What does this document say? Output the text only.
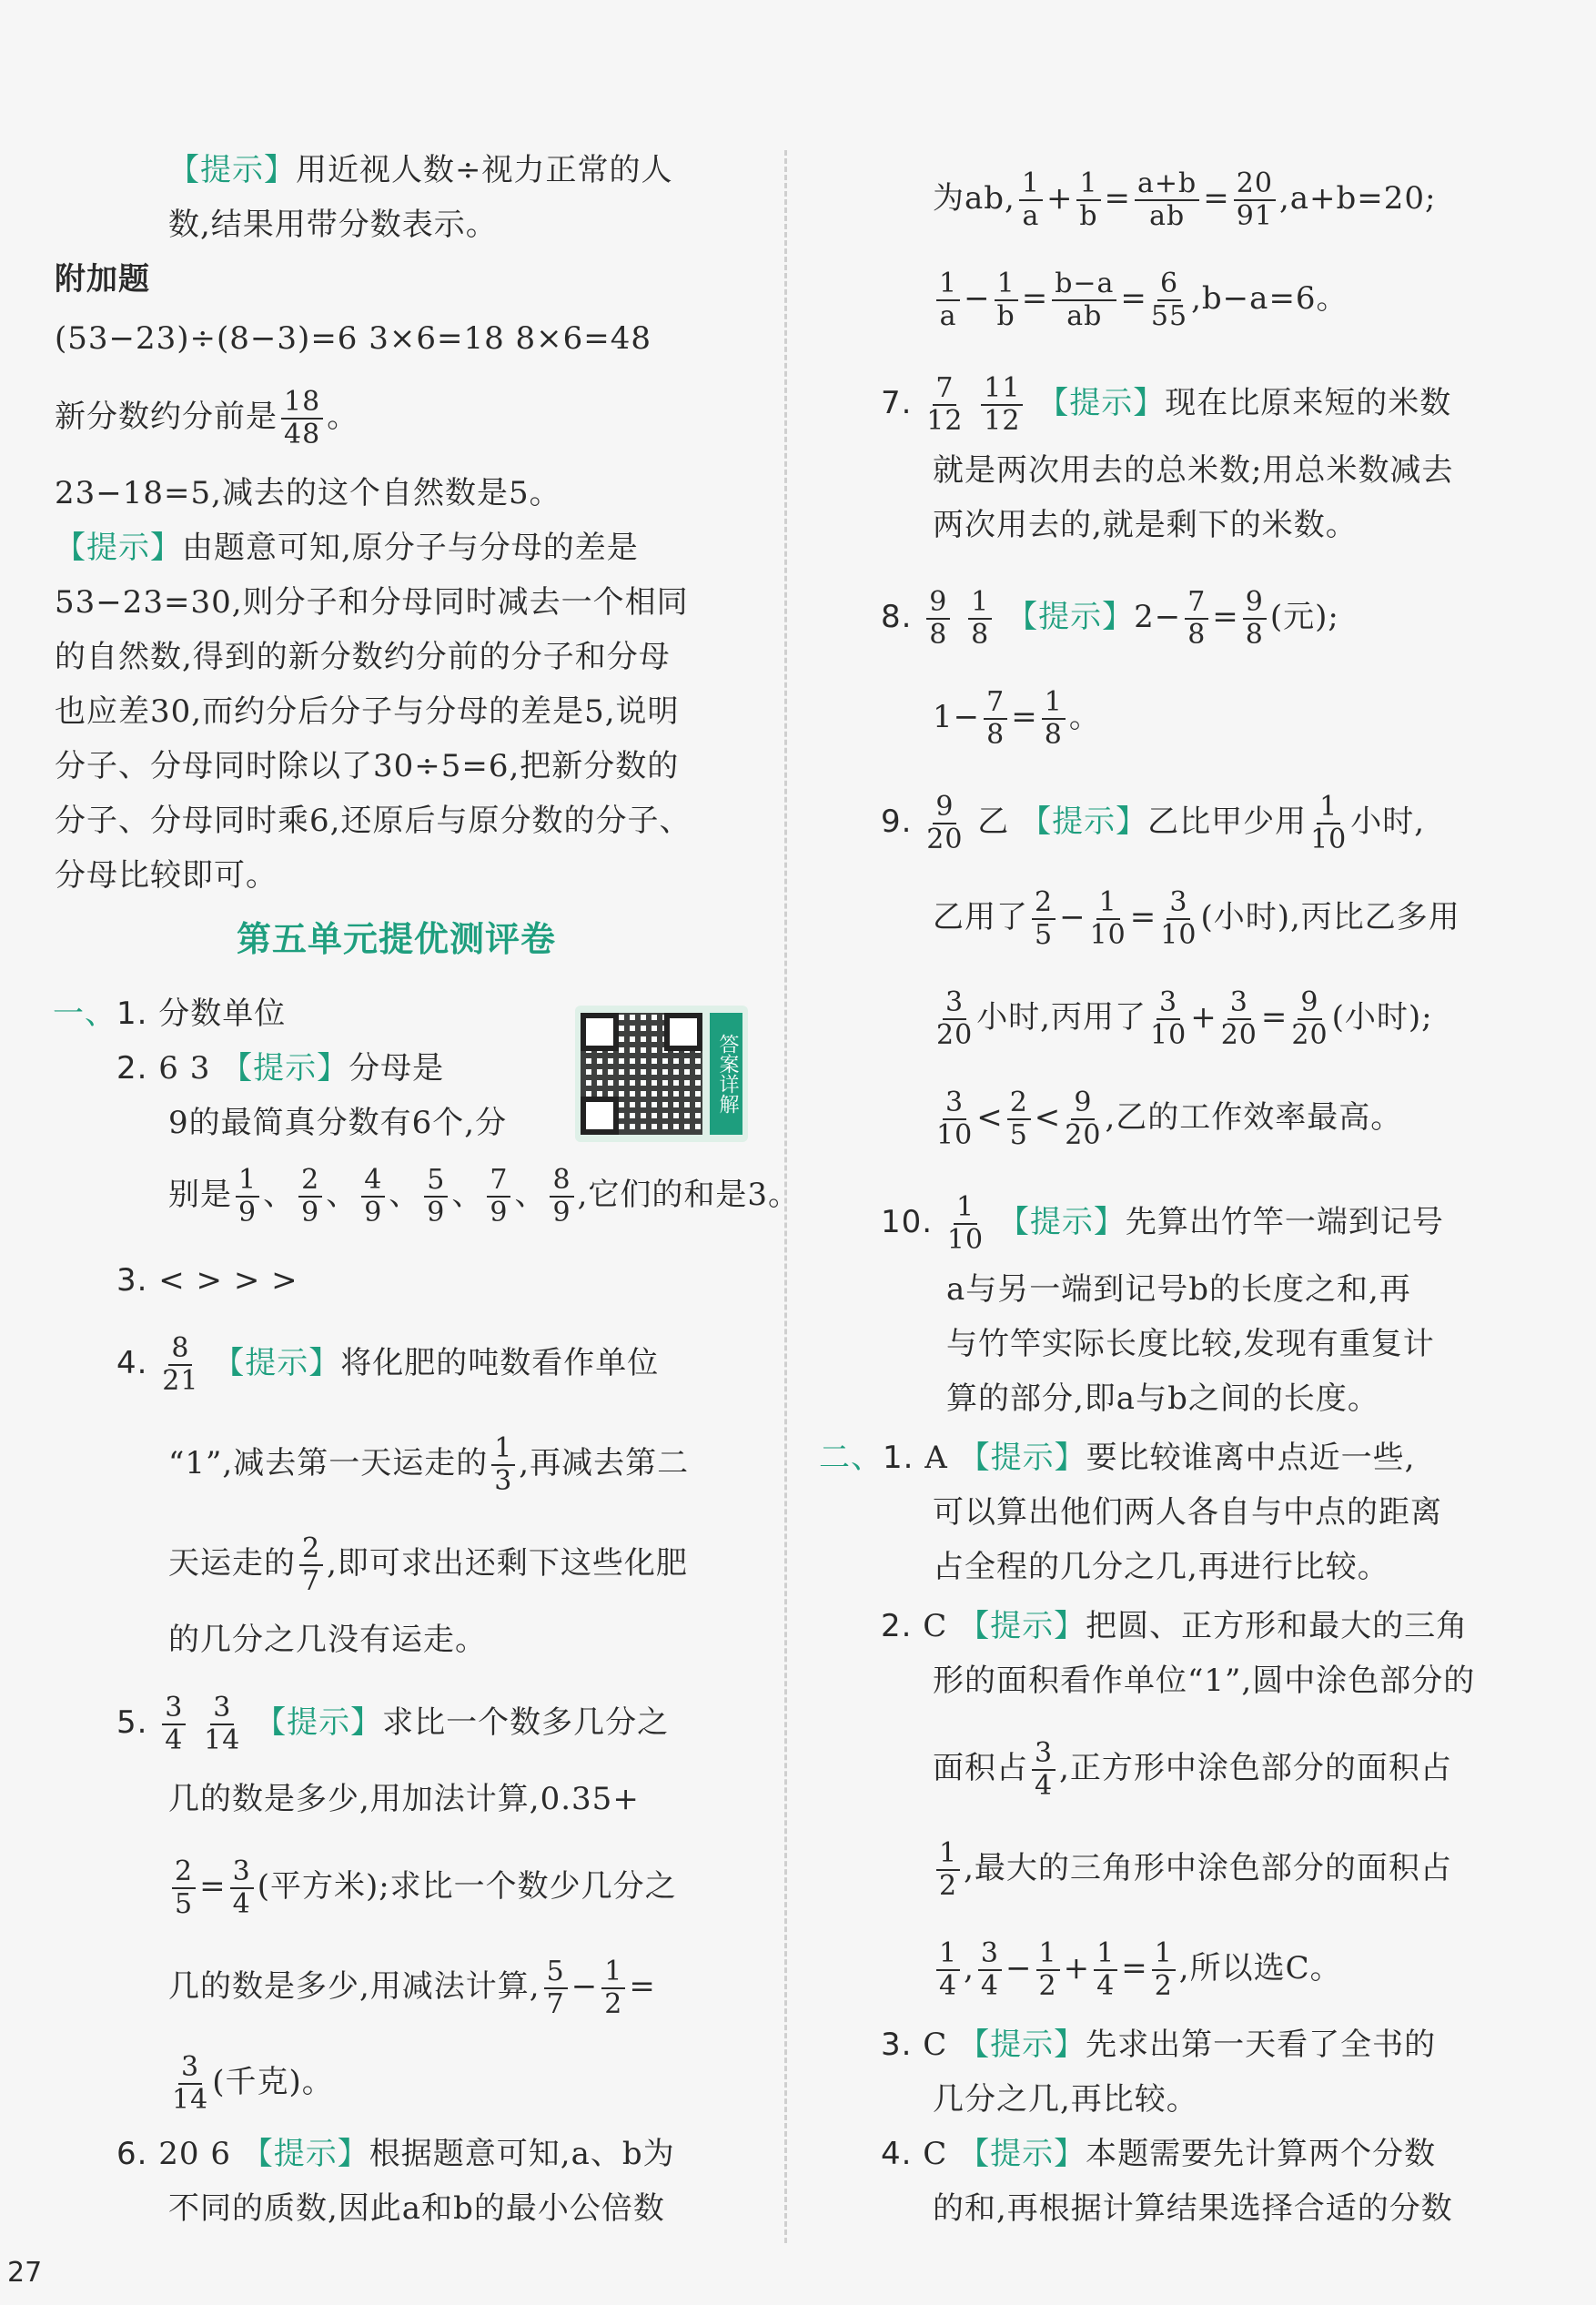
【提示】用近视人数÷视力正常的人
数,结果用带分数表示。
附加题
(53−23)÷(8−3)=6 3×6=18 8×6=48
新分数约分前是 $\frac{18}{48}$ 。
23−18=5,减去的这个自然数是5。
【提示】由题意可知,原分子与分母的差是
53−23=30,则分子和分母同时减去一个相同
的自然数,得到的新分数约分前的分子和分母
也应差30,而约分后分子与分母的差是5,说明
分子、分母同时除以了30÷5=6,把新分数的
分子、分母同时乘6,还原后与原分数的分子、
分母比较即可。
第五单元提优测评卷
一、1. 分数单位
答案详解
2. 6 3 【提示】分母是
9的最简真分数有6个,分
别是 $\frac{1}{9}$ 、 $\frac{2}{9}$ 、 $\frac{4}{9}$ 、 $\frac{5}{9}$ 、 $\frac{7}{9}$ 、 $\frac{8}{9}$ ,它们的和是3。
3. < > > >
4. $\frac{8}{21}$ 【提示】将化肥的吨数看作单位
“1”,减去第一天运走的 $\frac{1}{3}$ ,再减去第二
天运走的 $\frac{2}{7}$ ,即可求出还剩下这些化肥
的几分之几没有运走。
5. $\frac{3}{4}$
$\frac{3}{14}$ 【提示】求比一个数多几分之
几的数是多少,用加法计算,0.35+
$\frac{2}{5} = \frac{3}{4}$ (平方米);求比一个数少几分之
几的数是多少,用减法计算, $\frac{5}{7} - \frac{1}{2}$ =
$\frac{3}{14}$ (千克)。
6. 20 6 【提示】根据题意可知,a、b为
不同的质数,因此a和b的最小公倍数
为ab, $\frac{1}{a} + \frac{1}{b} = \frac{a+b}{ab} = \frac{20}{91} ,a+b=20$;
$\frac{1}{a} - \frac{1}{b} = \frac{b-a}{ab} = \frac{6}{55} ,b-a=6$。
7. $\frac{7}{12}$
$\frac{11}{12}$ 【提示】现在比原来短的米数
就是两次用去的总米数;用总米数减去
两次用去的,就是剩下的米数。
8. $\frac{9}{8}$
$\frac{1}{8}$ 【提示】$2- \frac{7}{8} = \frac{9}{8}$ (元);
$1- \frac{7}{8} = \frac{1}{8}$ 。
9. $\frac{9}{20}$ 乙 【提示】乙比甲少用 $\frac{1}{10}$ 小时,
乙用了 $\frac{2}{5} - \frac{1}{10} = \frac{3}{10}$ (小时),丙比乙多用
$\frac{3}{20}$ 小时,丙用了 $\frac{3}{10} + \frac{3}{20} = \frac{9}{20}$ (小时);
$\frac{3}{10} < \frac{2}{5} < \frac{9}{20}$ ,乙的工作效率最高。
10. $\frac{1}{10}$ 【提示】先算出竹竿一端到记号
a与另一端到记号b的长度之和,再
与竹竿实际长度比较,发现有重复计
算的部分,即a与b之间的长度。
二、1. A 【提示】要比较谁离中点近一些,
可以算出他们两人各自与中点的距离
占全程的几分之几,再进行比较。
2. C 【提示】把圆、正方形和最大的三角
形的面积看作单位“1”,圆中涂色部分的
面积占 $\frac{3}{4}$ ,正方形中涂色部分的面积占
$\frac{1}{2}$ ,最大的三角形中涂色部分的面积占
$\frac{1}{4}$ , $\frac{3}{4} - \frac{1}{2} + \frac{1}{4} = \frac{1}{2}$ ,所以选C。
3. C 【提示】先求出第一天看了全书的
几分之几,再比较。
4. C 【提示】本题需要先计算两个分数
的和,再根据计算结果选择合适的分数
27
